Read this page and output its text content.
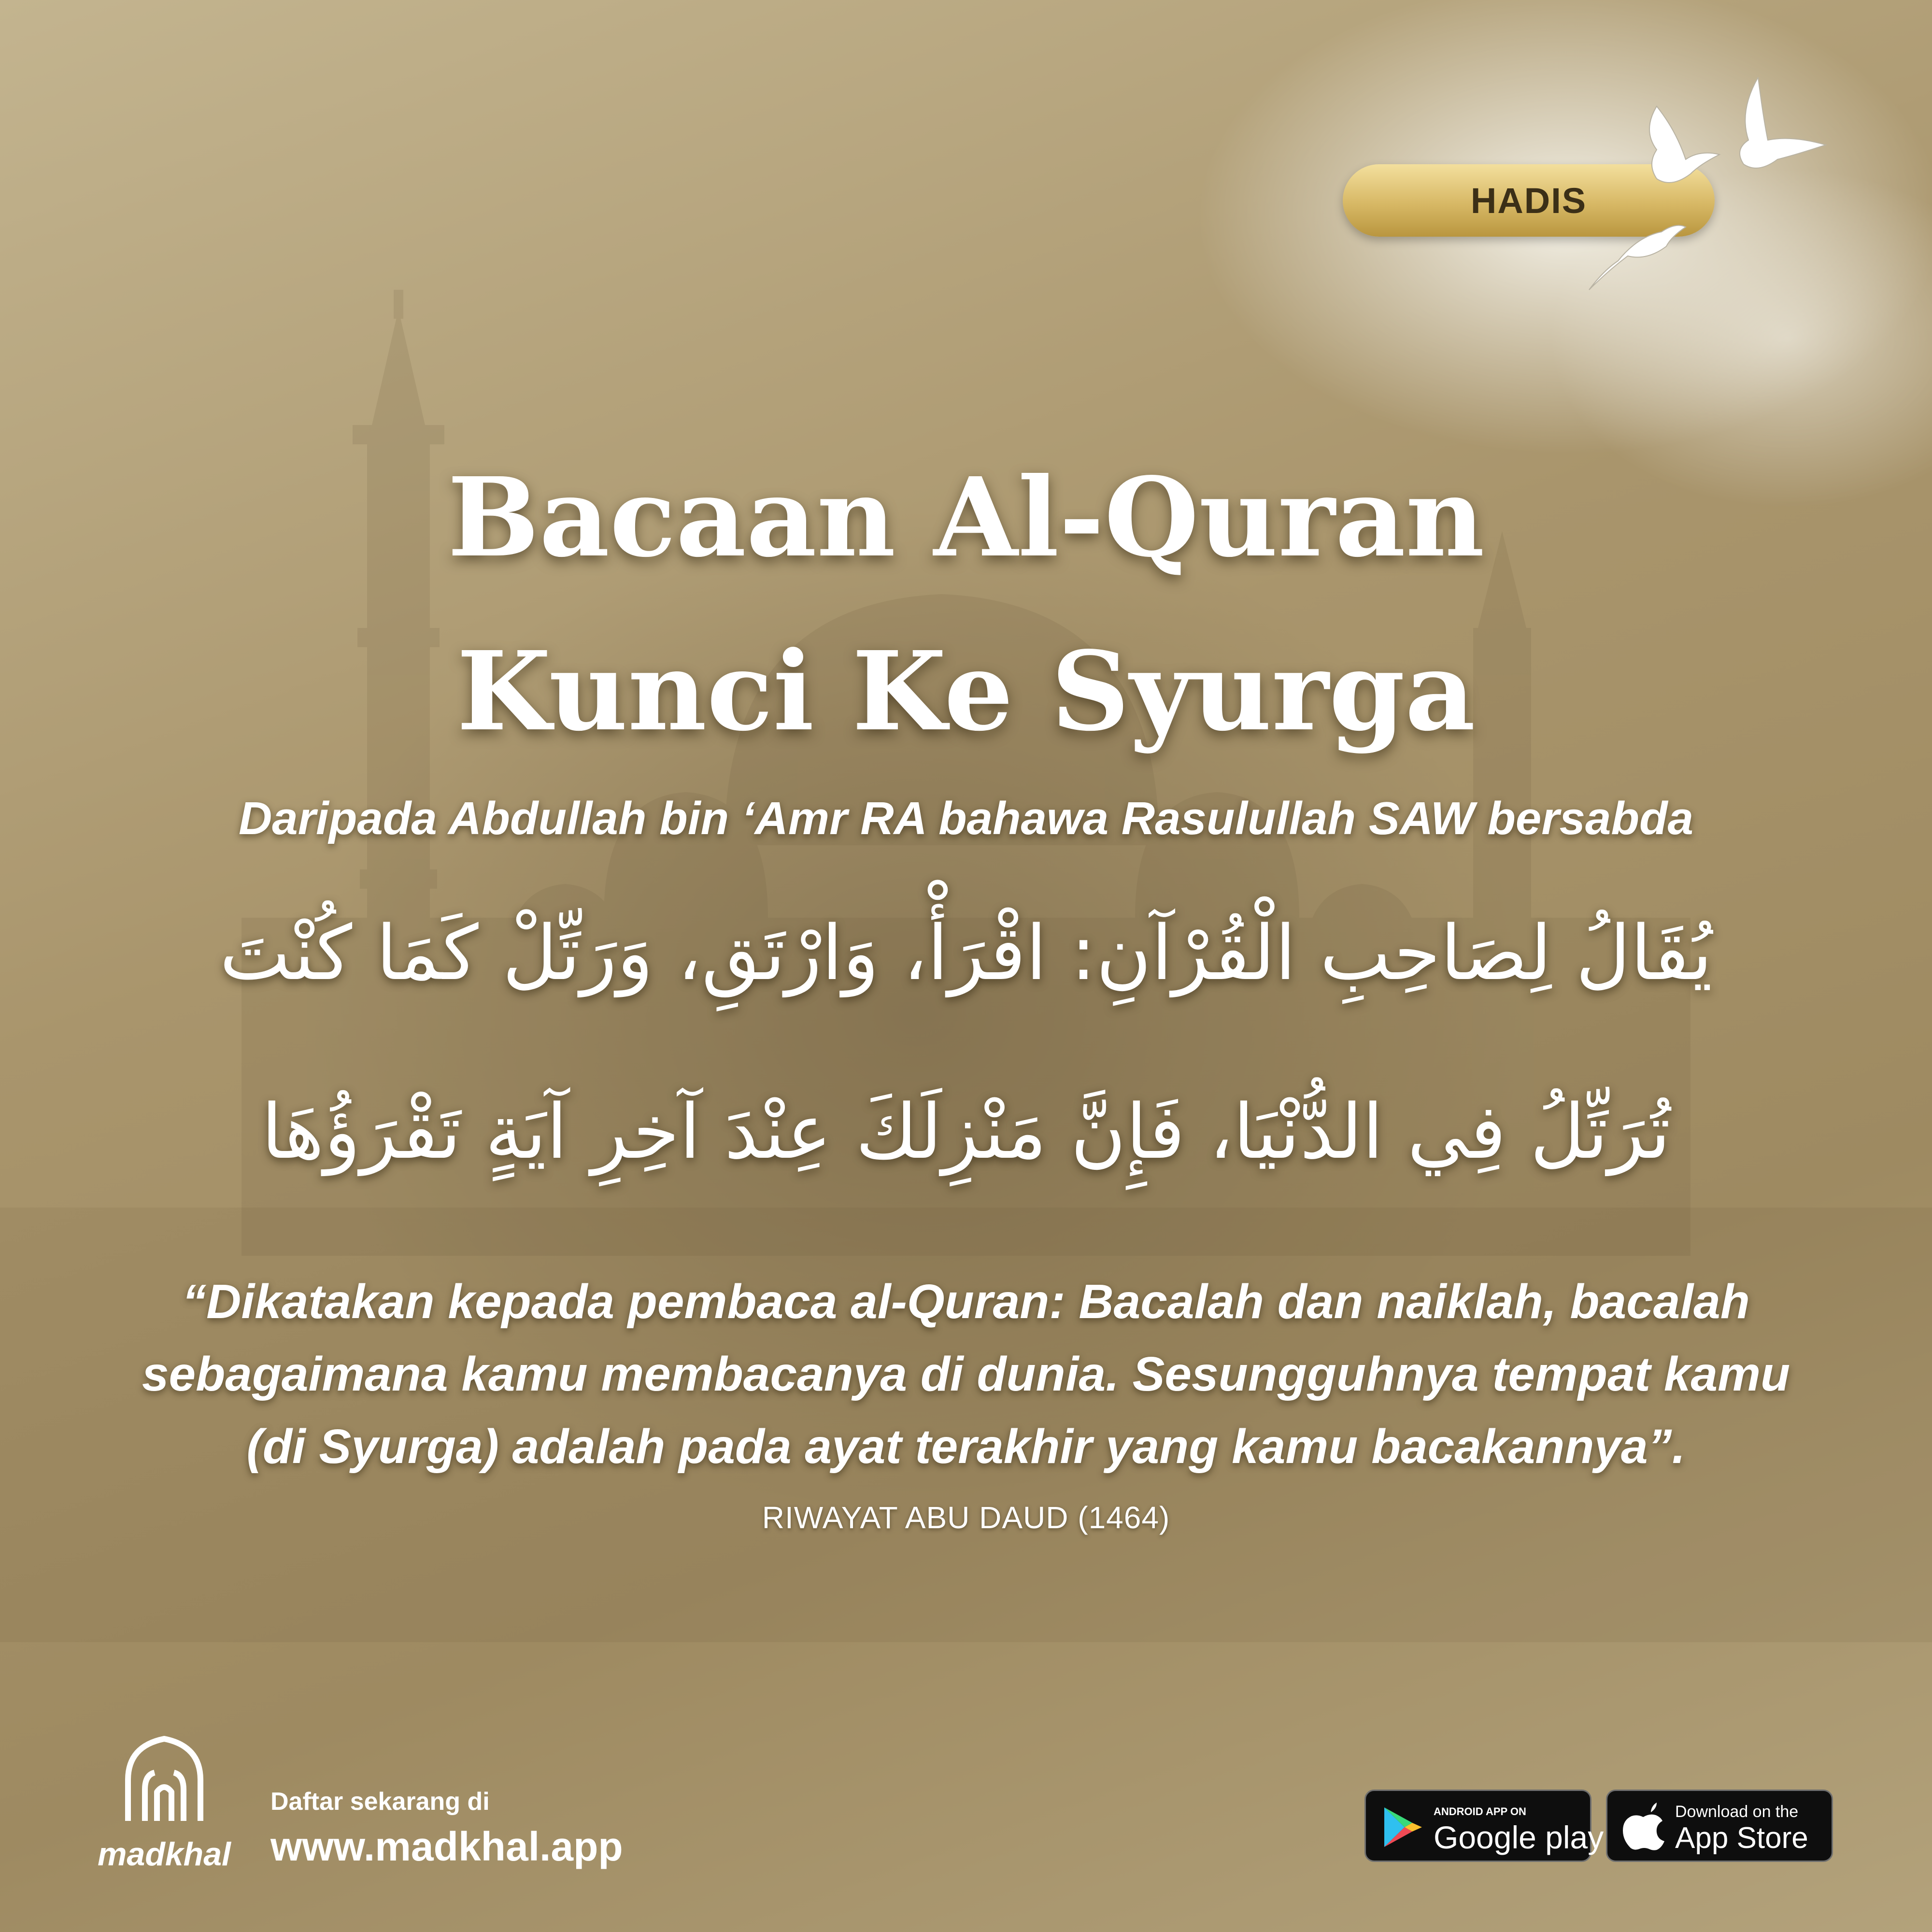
HADIS
Bacaan Al-Quran
Kunci Ke Syurga
Daripada Abdullah bin ‘Amr RA bahawa Rasulullah SAW bersabda
يُقَالُ لِصَاحِبِ الْقُرْآنِ: اقْرَأْ، وَارْتَقِ، وَرَتِّلْ كَمَا كُنْتَ
تُرَتِّلُ فِي الدُّنْيَا، فَإِنَّ مَنْزِلَكَ عِنْدَ آخِرِ آيَةٍ تَقْرَؤُهَا
“Dikatakan kepada pembaca al-Quran: Bacalah dan naiklah, bacalah
sebagaimana kamu membacanya di dunia. Sesungguhnya tempat kamu
(di Syurga) adalah pada ayat terakhir yang kamu bacakannya”.
RIWAYAT ABU DAUD (1464)
madkhal
Daftar sekarang di
www.madkhal.app
ANDROID APP ON
Google play
Download on the
App Store
